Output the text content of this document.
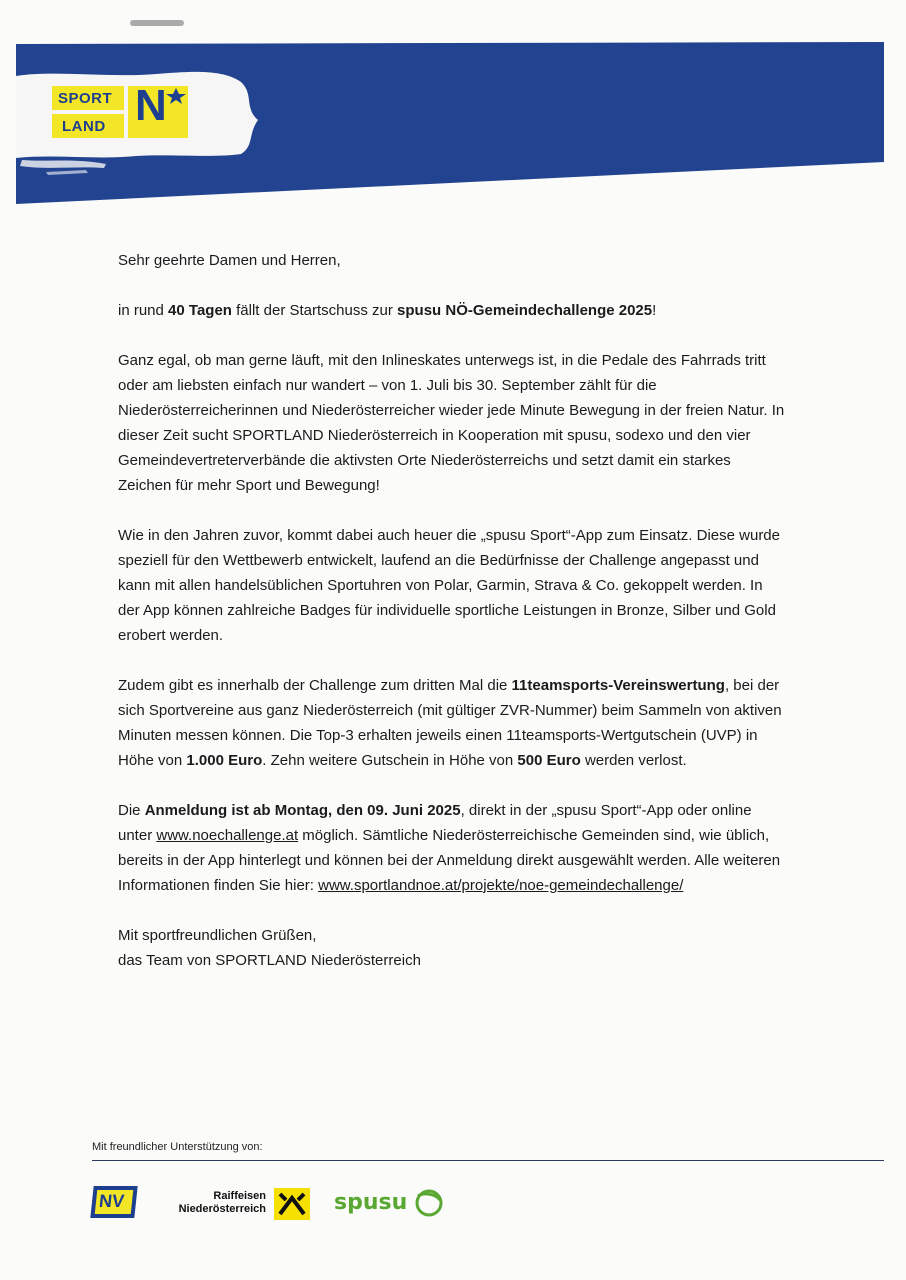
SPORT
LAND N

Sehr geehrte Damen und Herren,

in rund 40 Tagen fällt der Startschuss zur spusu NÖ-Gemeindechallenge 2025!

Ganz egal, ob man gerne läuft, mit den Inlineskates unterwegs ist, in die Pedale des Fahrrads tritt oder am liebsten einfach nur wandert – von 1. Juli bis 30. September zählt für die Niederösterreicherinnen und Niederösterreicher wieder jede Minute Bewegung in der freien Natur. In dieser Zeit sucht SPORTLAND Niederösterreich in Kooperation mit spusu, sodexo und den vier Gemeindevertreterverbände die aktivsten Orte Niederösterreichs und setzt damit ein starkes Zeichen für mehr Sport und Bewegung!

Wie in den Jahren zuvor, kommt dabei auch heuer die „spusu Sport“-App zum Einsatz. Diese wurde speziell für den Wettbewerb entwickelt, laufend an die Bedürfnisse der Challenge angepasst und kann mit allen handelsüblichen Sportuhren von Polar, Garmin, Strava & Co. gekoppelt werden. In der App können zahlreiche Badges für individuelle sportliche Leistungen in Bronze, Silber und Gold erobert werden.

Zudem gibt es innerhalb der Challenge zum dritten Mal die 11teamsports-Vereinswertung, bei der sich Sportvereine aus ganz Niederösterreich (mit gültiger ZVR-Nummer) beim Sammeln von aktiven Minuten messen können. Die Top-3 erhalten jeweils einen 11teamsports-Wertgutschein (UVP) in Höhe von 1.000 Euro. Zehn weitere Gutschein in Höhe von 500 Euro werden verlost.

Die Anmeldung ist ab Montag, den 09. Juni 2025, direkt in der „spusu Sport“-App oder online unter www.noechallenge.at möglich. Sämtliche Niederösterreichische Gemeinden sind, wie üblich, bereits in der App hinterlegt und können bei der Anmeldung direkt ausgewählt werden. Alle weiteren Informationen finden Sie hier: www.sportlandnoe.at/projekte/noe-gemeindechallenge/

Mit sportfreundlichen Grüßen,

das Team von SPORTLAND Niederösterreich

Mit freundlicher Unterstützung von:
NV	Raiffeisen
Niederösterreich	spusu
